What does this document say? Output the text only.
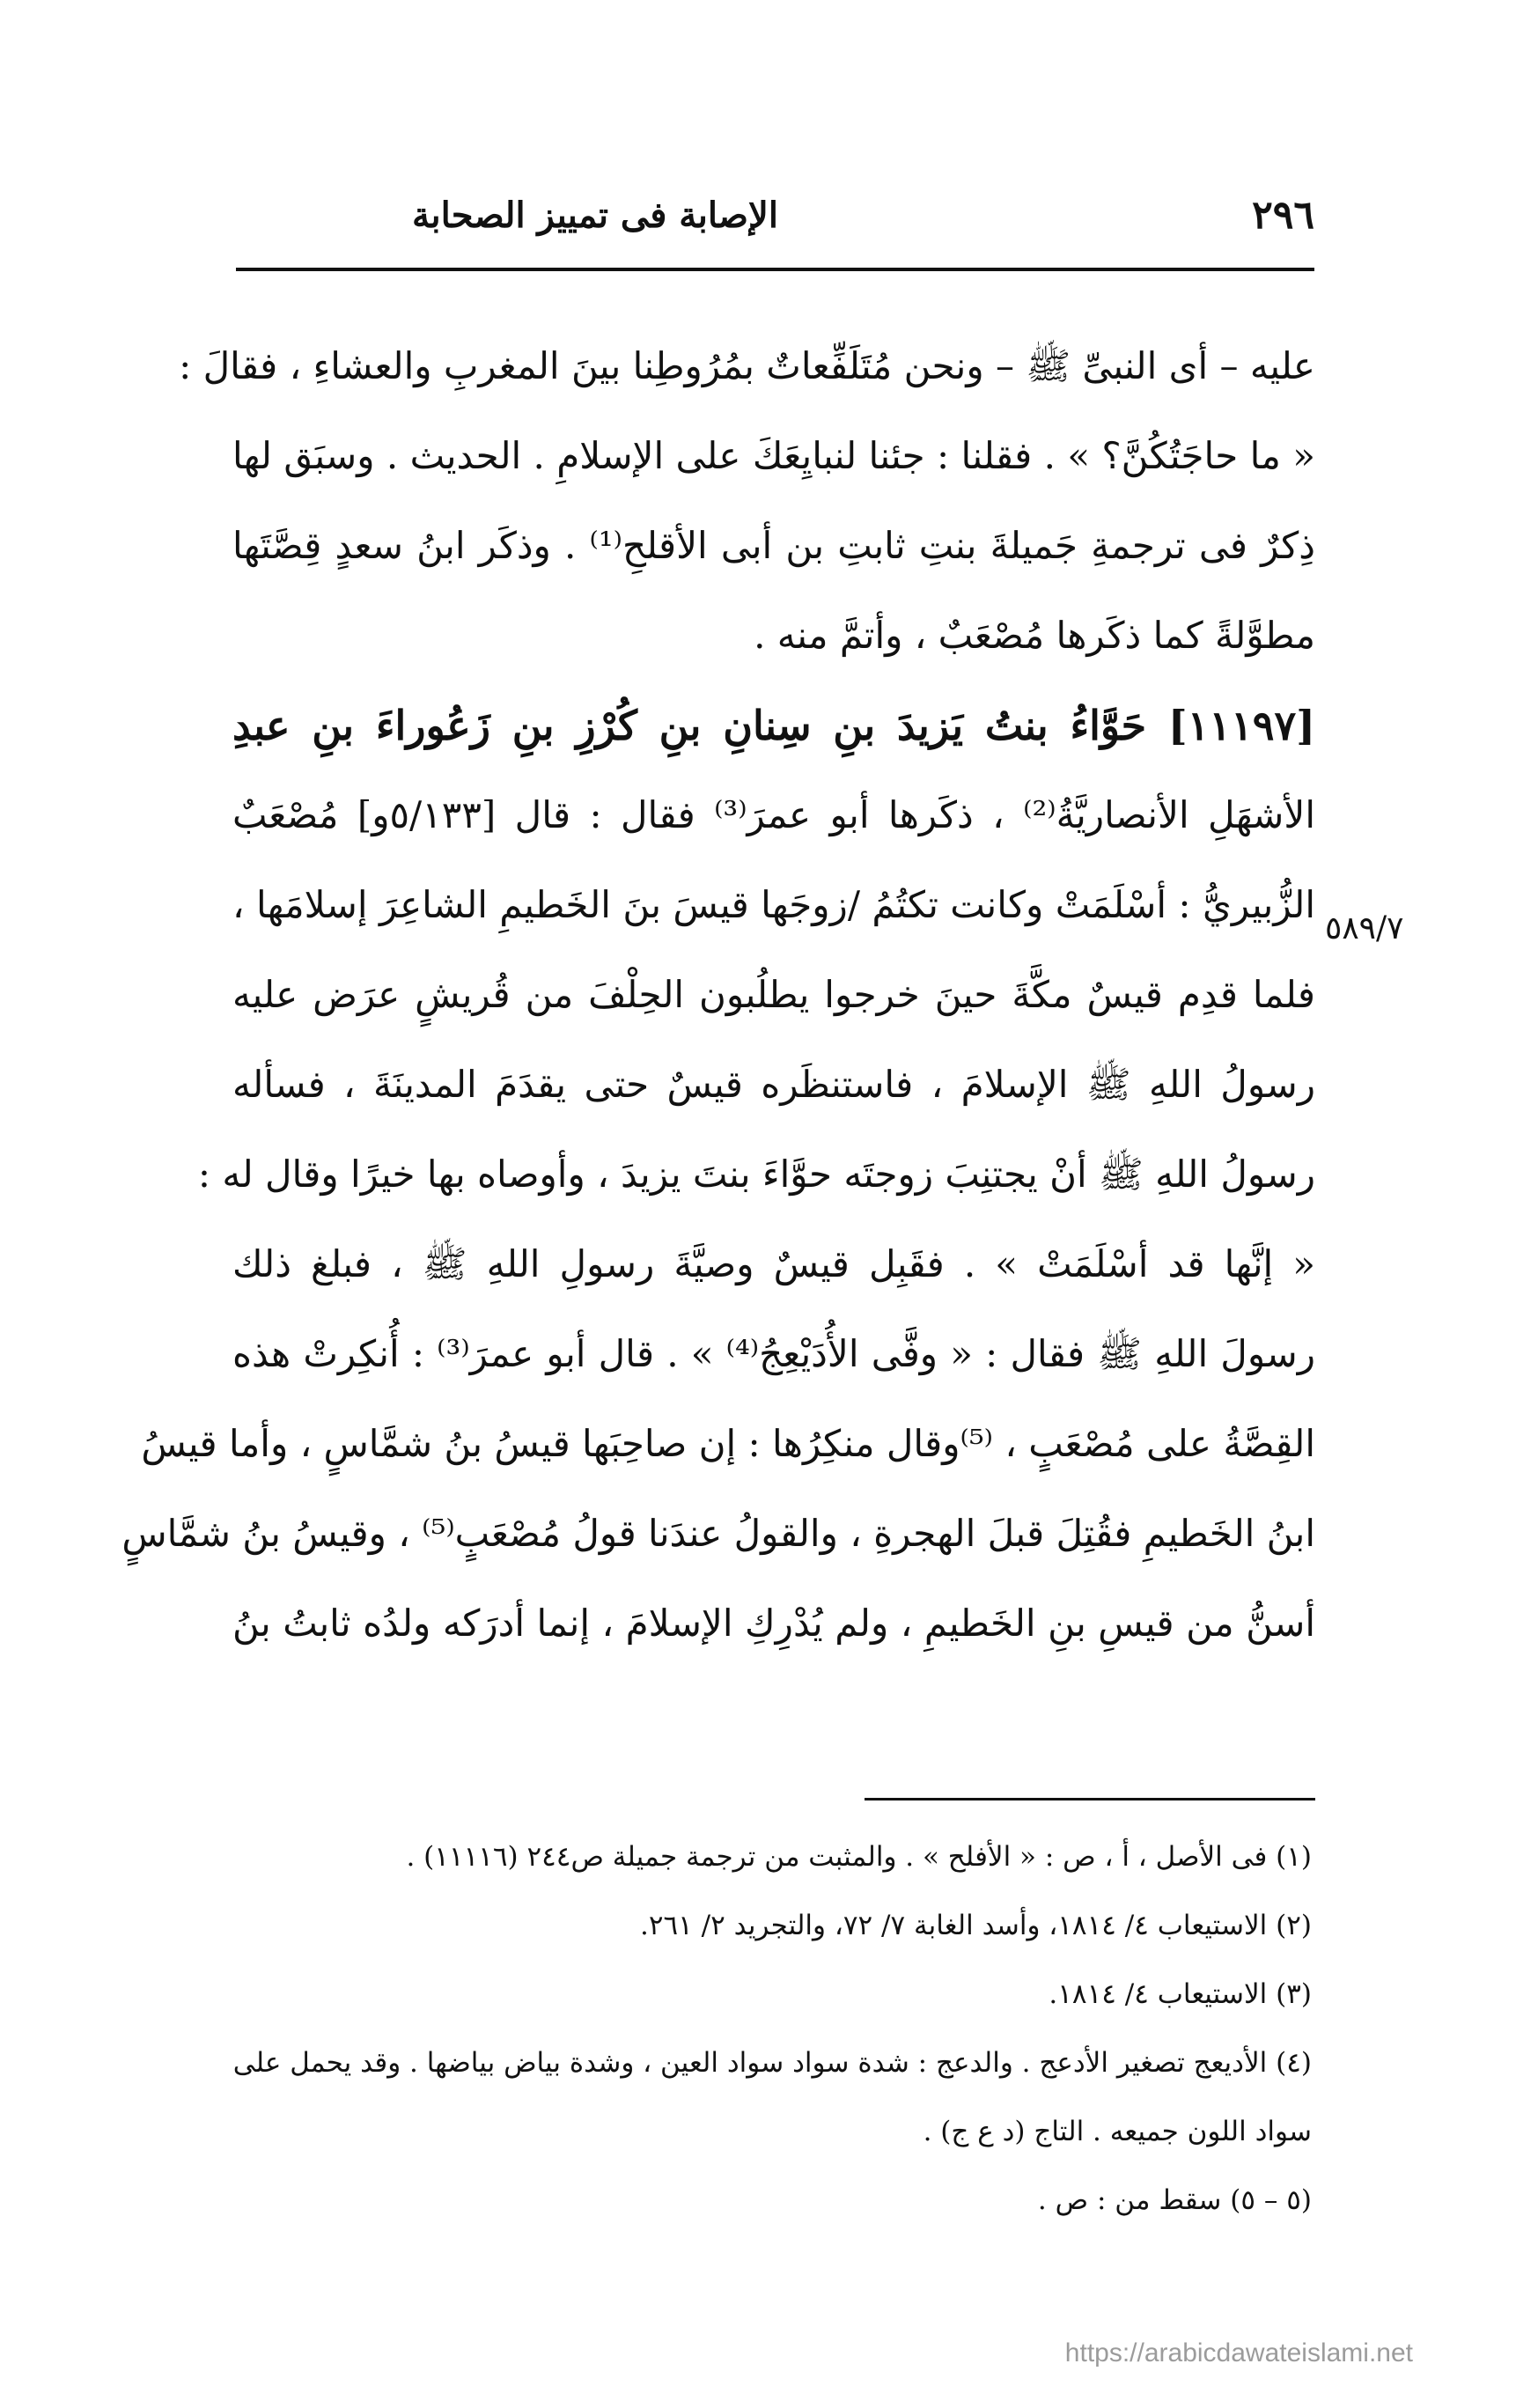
٢٩٦
الإصابة فى تمييز الصحابة
عليه – أى النبىِّ ﷺ – ونحن مُتَلَفِّعاتٌ بمُرُوطِنا بينَ المغربِ والعشاءِ ، فقالَ :
« ما حاجَتُكُنَّ؟ » . فقلنا : جئنا لنبايِعَكَ على الإسلامِ . الحديث . وسبَق لها
ذِكرٌ فى ترجمةِ جَميلةَ بنتِ ثابتِ بن أبى الأقلحِ⁽¹⁾ . وذكَر ابنُ سعدٍ قِصَّتَها
مطوَّلةً كما ذكَرها مُصْعَبٌ ، وأتمَّ منه .
[١١١٩٧] حَوَّاءُ بنتُ يَزيدَ بنِ سِنانِ بنِ كُرْزِ بنِ زَعُوراءَ بنِ عبدِ
الأشهَلِ الأنصاريَّةُ⁽²⁾ ، ذكَرها أبو عمرَ⁽³⁾ فقال : قال [٥/١٣٣و] مُصْعَبٌ
الزُّبيريُّ : أسْلَمَتْ وكانت تكتُمُ /زوجَها قيسَ بنَ الخَطيمِ الشاعِرَ إسلامَها ،
فلما قدِم قيسٌ مكَّةَ حينَ خرجوا يطلُبون الحِلْفَ من قُريشٍ عرَض عليه
رسولُ اللهِ ﷺ الإسلامَ ، فاستنظَره قيسٌ حتى يقدَمَ المدينَةَ ، فسأله
رسولُ اللهِ ﷺ أنْ يجتنِبَ زوجتَه حوَّاءَ بنتَ يزيدَ ، وأوصاه بها خيرًا وقال له :
« إنَّها قد أسْلَمَتْ » . فقَبِل قيسٌ وصيَّةَ رسولِ اللهِ ﷺ ، فبلغ ذلك
رسولَ اللهِ ﷺ فقال : « وفَّى الأُدَيْعِجُ⁽⁴⁾ » . قال أبو عمرَ⁽³⁾ : أُنكِرتْ هذه
القِصَّةُ على مُصْعَبٍ ، ⁽⁵⁾وقال منكِرُها : إن صاحِبَها قيسُ بنُ شمَّاسٍ ، وأما قيسُ
ابنُ الخَطيمِ فقُتِلَ قبلَ الهجرةِ ، والقولُ عندَنا قولُ مُصْعَبٍ⁽⁵⁾ ، وقيسُ بنُ شمَّاسٍ
أسنُّ من قيسِ بنِ الخَطيمِ ، ولم يُدْرِكِ الإسلامَ ، إنما أدرَكه ولدُه ثابتُ بنُ
٥٨٩/٧
(١) فى الأصل ، أ ، ص : « الأفلح » . والمثبت من ترجمة جميلة ص٢٤٤ (١١١١٦) .
(٢) الاستيعاب ٤/ ١٨١٤، وأسد الغابة ٧/ ٧٢، والتجريد ٢/ ٢٦١.
(٣) الاستيعاب ٤/ ١٨١٤.
(٤) الأديعج تصغير الأدعج . والدعج : شدة سواد سواد العين ، وشدة بياض بياضها . وقد يحمل على
سواد اللون جميعه . التاج (د ع ج) .
(٥ – ٥) سقط من : ص .
https://arabicdawateislami.net
